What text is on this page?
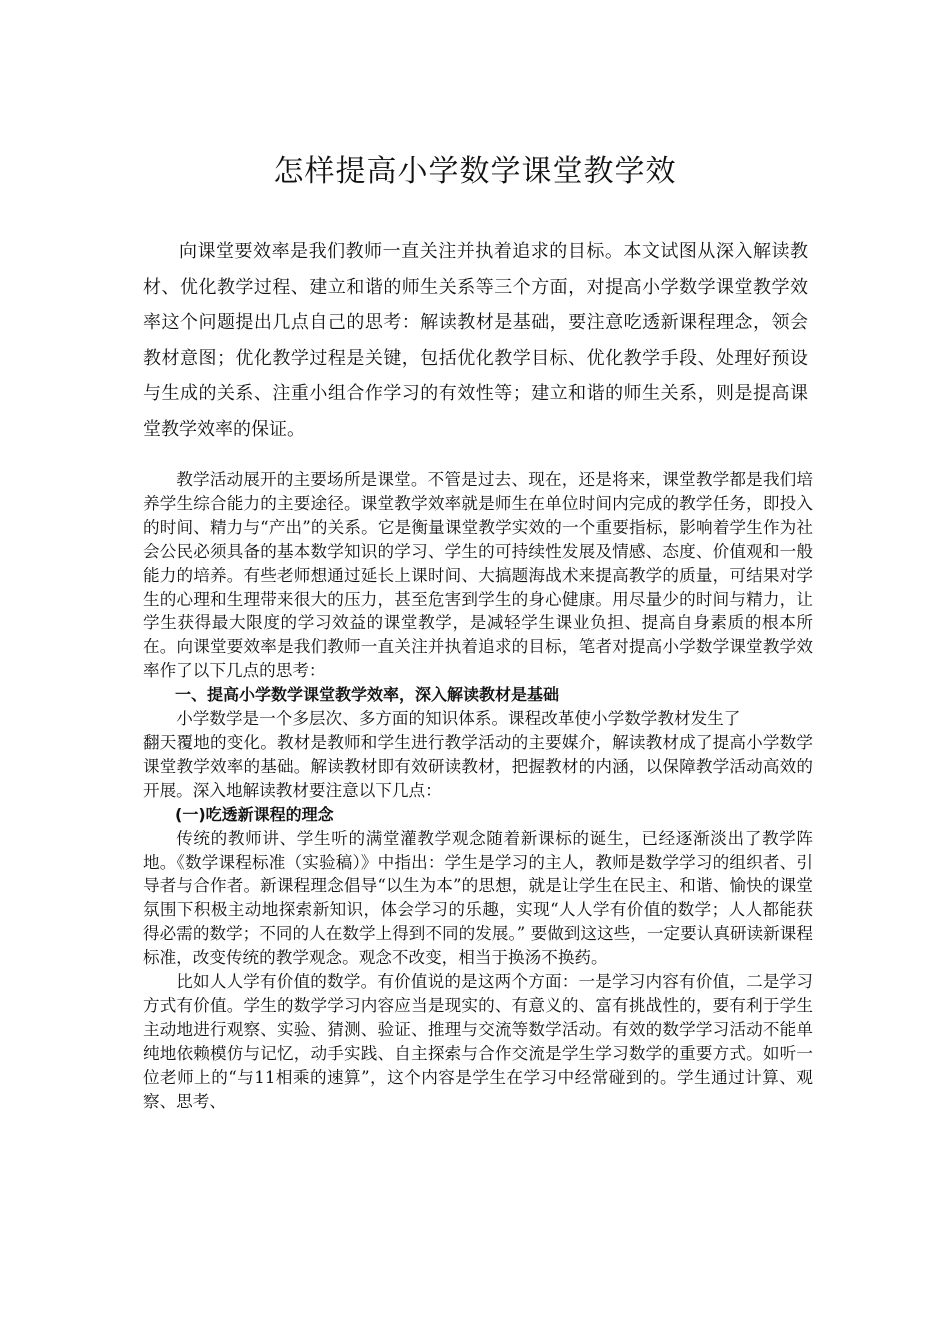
怎样提高小学数学课堂教学效

向课堂要效率是我们教师一直关注并执着追求的目标。本文试图从深入解读教材、优化教学过程、建立和谐的师生关系等三个方面，对提高小学数学课堂教学效率这个问题提出几点自己的思考：解读教材是基础，要注意吃透新课程理念，领会教材意图；优化教学过程是关键，包括优化教学目标、优化教学手段、处理好预设与生成的关系、注重小组合作学习的有效性等；建立和谐的师生关系，则是提高课堂教学效率的保证。

教学活动展开的主要场所是课堂。不管是过去、现在，还是将来，课堂教学都是我们培养学生综合能力的主要途径。课堂教学效率就是师生在单位时间内完成的教学任务，即投入的时间、精力与“产出”的关系。它是衡量课堂教学实效的一个重要指标，影响着学生作为社会公民必须具备的基本数学知识的学习、学生的可持续性发展及情感、态度、价值观和一般能力的培养。有些老师想通过延长上课时间、大搞题海战术来提高教学的质量，可结果对学生的心理和生理带来很大的压力，甚至危害到学生的身心健康。用尽量少的时间与精力，让学生获得最大限度的学习效益的课堂教学，是减轻学生课业负担、提高自身素质的根本所在。向课堂要效率是我们教师一直关注并执着追求的目标，笔者对提高小学数学课堂教学效率作了以下几点的思考：

一、提高小学数学课堂教学效率，深入解读教材是基础

小学数学是一个多层次、多方面的知识体系。课程改革使小学数学教材发生了

翻天覆地的变化。教材是教师和学生进行教学活动的主要媒介，解读教材成了提高小学数学课堂教学效率的基础。解读教材即有效研读教材，把握教材的内涵，以保障教学活动高效的开展。深入地解读教材要注意以下几点：

(一)吃透新课程的理念

传统的教师讲、学生听的满堂灌教学观念随着新课标的诞生，已经逐渐淡出了教学阵地。《数学课程标准（实验稿）》中指出：学生是学习的主人，教师是数学学习的组织者、引导者与合作者。新课程理念倡导“以生为本”的思想，就是让学生在民主、和谐、愉快的课堂氛围下积极主动地探索新知识，体会学习的乐趣，实现“人人学有价值的数学；人人都能获得必需的数学；不同的人在数学上得到不同的发展。” 要做到这这些，一定要认真研读新课程标准，改变传统的教学观念。观念不改变，相当于换汤不换药。

比如人人学有价值的数学。有价值说的是这两个方面：一是学习内容有价值，二是学习方式有价值。学生的数学学习内容应当是现实的、有意义的、富有挑战性的，要有利于学生主动地进行观察、实验、猜测、验证、推理与交流等数学活动。有效的数学学习活动不能单纯地依赖模仿与记忆，动手实践、自主探索与合作交流是学生学习数学的重要方式。如听一位老师上的“与11相乘的速算”，这个内容是学生在学习中经常碰到的。学生通过计算、观察、思考、
